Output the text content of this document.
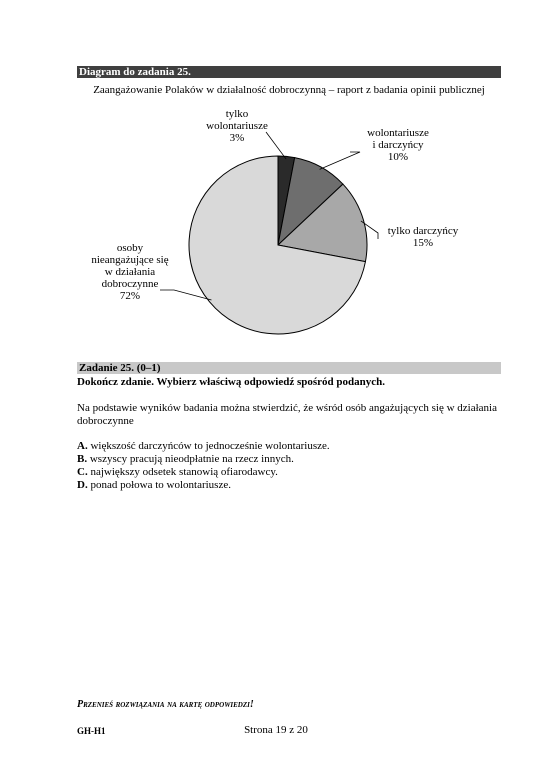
Diagram do zadania 25.
Zaangażowanie Polaków w działalność dobroczynną – raport z badania opinii publicznej
tylko
wolontariusze
3%	wolontariusze
i darczyńcy
10%
tylko darczyńcy
15%
osoby
nieangażujące się
w działania
dobroczynne
72%
Zadanie 25. (0–1)
Dokończ zdanie. Wybierz właściwą odpowiedź spośród podanych.
Na podstawie wyników badania można stwierdzić, że wśród osób angażujących się w działania dobroczynne
A. większość darczyńców to jednocześnie wolontariusze.
B. wszyscy pracują nieodpłatnie na rzecz innych.
C. największy odsetek stanowią ofiarodawcy.
D. ponad połowa to wolontariusze.
Przenieś rozwiązania na kartę odpowiedzi!
GH-H1	Strona 19 z 20
